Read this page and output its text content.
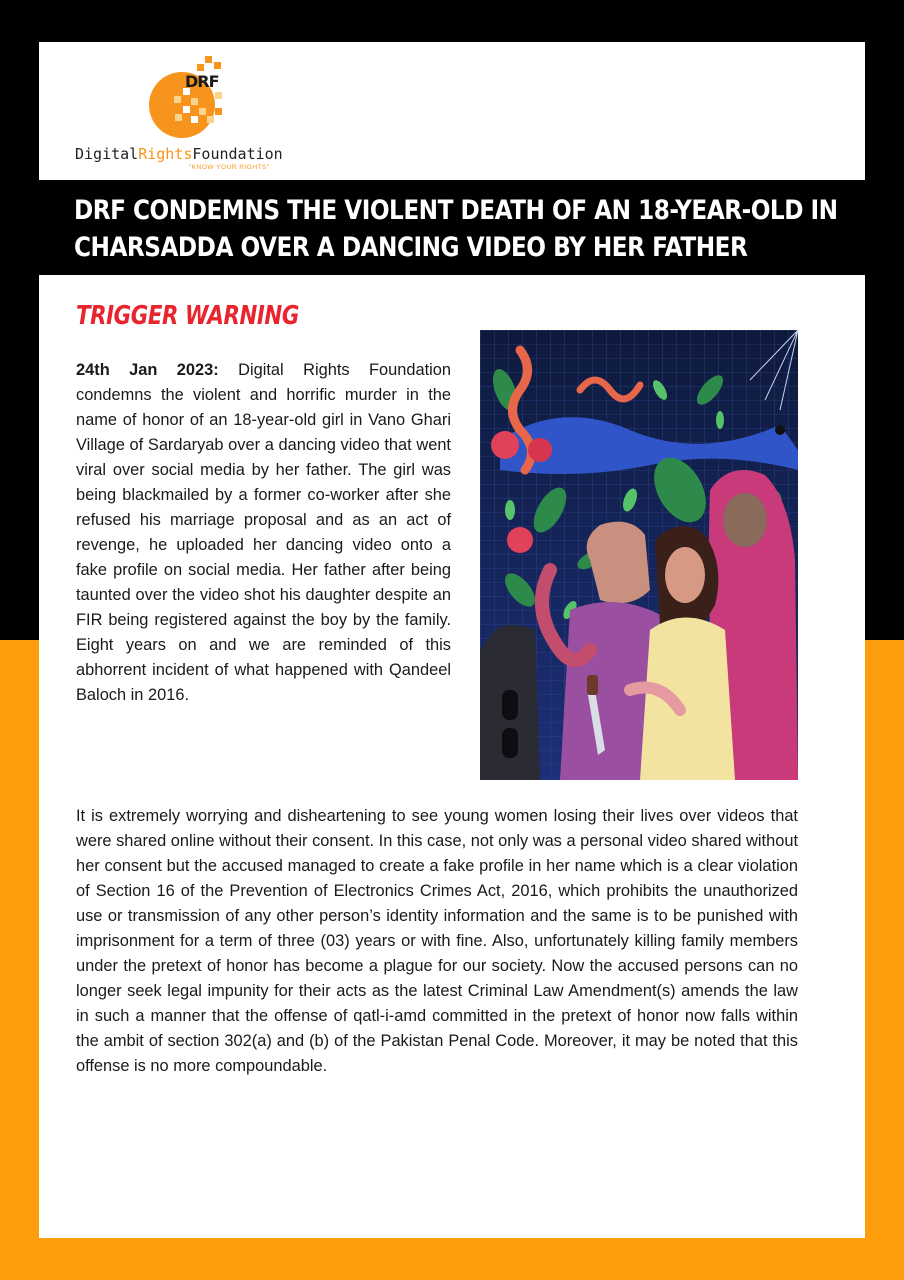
DRF
DigitalRightsFoundation
"KNOW YOUR RIGHTS"
DRF CONDEMNS THE VIOLENT DEATH OF AN 18-YEAR-OLD IN
CHARSADDA OVER A DANCING VIDEO BY HER FATHER
TRIGGER WARNING
24th Jan 2023: Digital Rights Foundation condemns the violent and horrific murder in the name of honor of an 18-year-old girl in Vano Ghari Village of Sardaryab over a dancing video that went viral over social media by her father. The girl was being blackmailed by a former co-worker after she refused his marriage proposal and as an act of revenge, he uploaded her dancing video onto a fake profile on social media. Her father after being taunted over the video shot his daughter despite an FIR being registered against the boy by the family. Eight years on and we are reminded of this abhorrent incident of what happened with Qandeel Baloch in 2016.
It is extremely worrying and disheartening to see young women losing their lives over videos that were shared online without their consent. In this case, not only was a personal video shared without her consent but the accused managed to create a fake profile in her name which is a clear violation of Section 16 of the Prevention of Electronics Crimes Act, 2016, which prohibits the unauthorized use or transmission of any other person’s identity information and the same is to be punished with imprisonment for a term of three (03) years or with fine. Also, unfortunately killing family members under the pretext of honor has become a plague for our society. Now the accused persons can no longer seek legal impunity for their acts as the latest Criminal Law Amendment(s) amends the law in such a manner that the offense of qatl-i-amd committed in the pretext of honor now falls within the ambit of section 302(a) and (b) of the Pakistan Penal Code. Moreover, it may be noted that this offense is no more compoundable.
